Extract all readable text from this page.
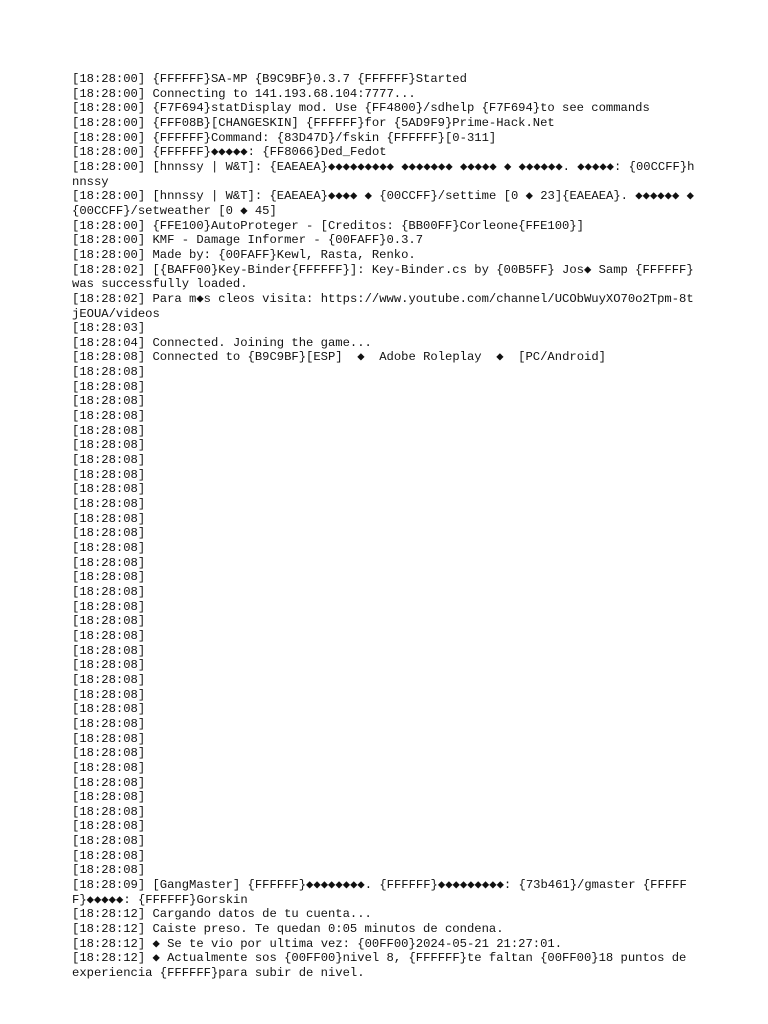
[18:28:00] {FFFFFF}SA-MP {B9C9BF}0.3.7 {FFFFFF}Started
[18:28:00] Connecting to 141.193.68.104:7777...
[18:28:00] {F7F694}statDisplay mod. Use {FF4800}/sdhelp {F7F694}to see commands
[18:28:00] {FFF08B}[CHANGESKIN] {FFFFFF}for {5AD9F9}Prime-Hack.Net
[18:28:00] {FFFFFF}Command: {83D47D}/fskin {FFFFFF}[0-311]
[18:28:00] {FFFFFF}◆◆◆◆◆: {FF8066}Ded_Fedot
[18:28:00] [hnnssy | W&T]: {EAEAEA}◆◆◆◆◆◆◆◆◆ ◆◆◆◆◆◆◆ ◆◆◆◆◆ ◆ ◆◆◆◆◆◆. ◆◆◆◆◆: {00CCFF}hnnssy
[18:28:00] [hnnssy | W&T]: {EAEAEA}◆◆◆◆ ◆ {00CCFF}/settime [0 ◆ 23]{EAEAEA}. ◆◆◆◆◆◆ ◆ {00CCFF}/setweather [0 ◆ 45]
[18:28:00] {FFE100}AutoProteger - [Creditos: {BB00FF}Corleone{FFE100}]
[18:28:00] KMF - Damage Informer - {00FAFF}0.3.7
[18:28:00] Made by: {00FAFF}Kewl, Rasta, Renko.
[18:28:02] [{BAFF00}Key-Binder{FFFFFF}]: Key-Binder.cs by {00B5FF} Jos◆ Samp {FFFFFF}was successfully loaded.
[18:28:02] Para m◆s cleos visita: https://www.youtube.com/channel/UCObWuyXO70o2Tpm-8tjEOUA/videos
[18:28:03]
[18:28:04] Connected. Joining the game...
[18:28:08] Connected to {B9C9BF}[ESP]  ◆  Adobe Roleplay  ◆  [PC/Android]
[18:28:08]
[18:28:08]
[18:28:08]
[18:28:08]
[18:28:08]
[18:28:08]
[18:28:08]
[18:28:08]
[18:28:08]
[18:28:08]
[18:28:08]
[18:28:08]
[18:28:08]
[18:28:08]
[18:28:08]
[18:28:08]
[18:28:08]
[18:28:08]
[18:28:08]
[18:28:08]
[18:28:08]
[18:28:08]
[18:28:08]
[18:28:08]
[18:28:08]
[18:28:08]
[18:28:08]
[18:28:08]
[18:28:08]
[18:28:08]
[18:28:08]
[18:28:08]
[18:28:08]
[18:28:08]
[18:28:08]
[18:28:09] [GangMaster] {FFFFFF}◆◆◆◆◆◆◆◆. {FFFFFF}◆◆◆◆◆◆◆◆◆: {73b461}/gmaster {FFFFFF}◆◆◆◆◆: {FFFFFF}Gorskin
[18:28:12] Cargando datos de tu cuenta...
[18:28:12] Caiste preso. Te quedan 0:05 minutos de condena.
[18:28:12] ◆ Se te vio por ultima vez: {00FF00}2024-05-21 21:27:01.
[18:28:12] ◆ Actualmente sos {00FF00}nivel 8, {FFFFFF}te faltan {00FF00}18 puntos de experiencia {FFFFFF}para subir de nivel.
